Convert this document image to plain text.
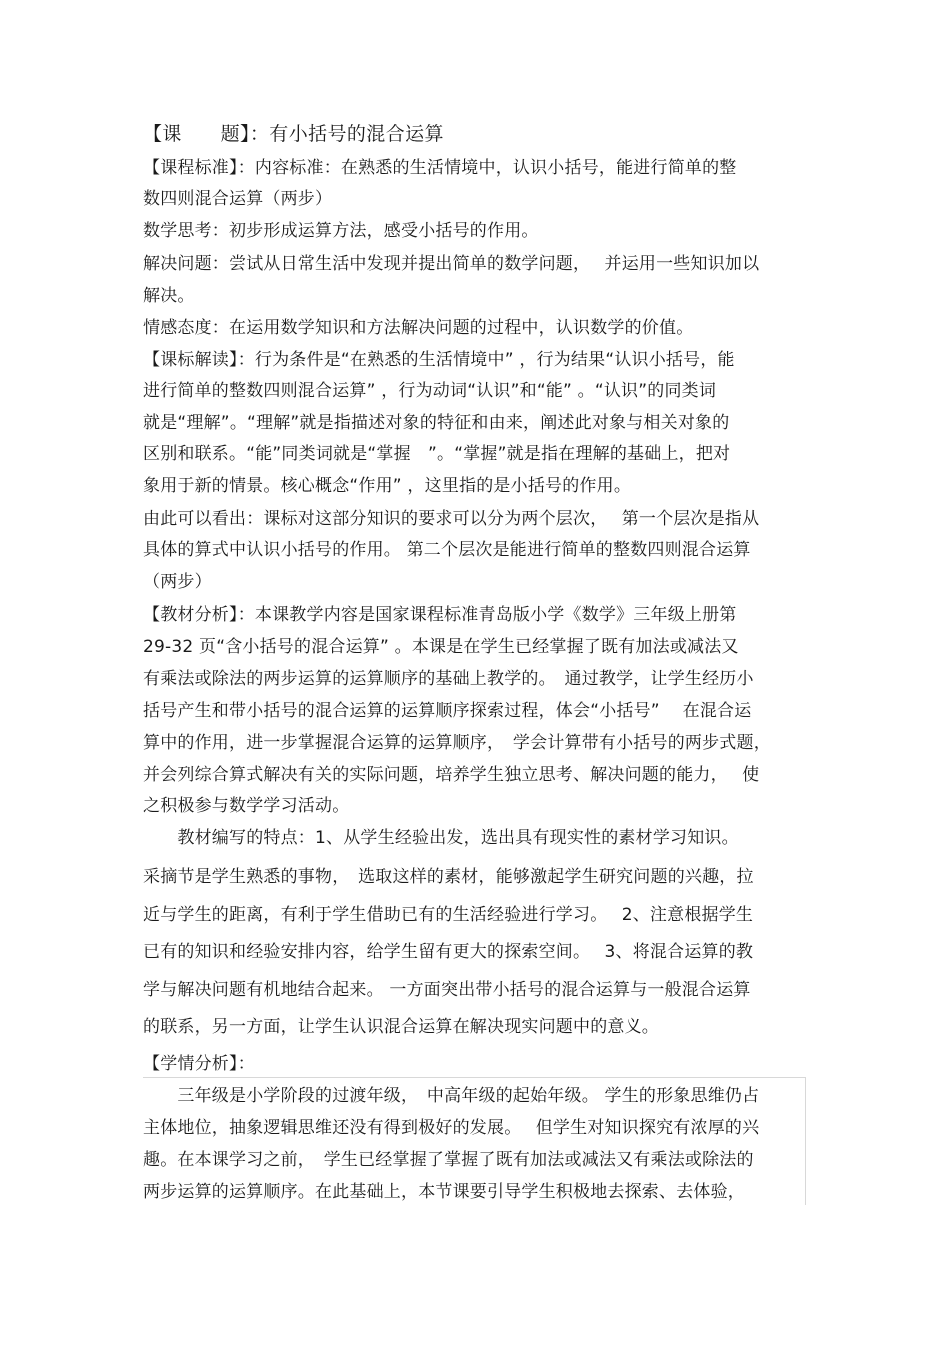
【课　　题】：有小括号的混合运算
【课程标准】：内容标准：在熟悉的生活情境中，认识小括号，能进行简单的整
数四则混合运算（两步）
数学思考：初步形成运算方法，感受小括号的作用。
解决问题：尝试从日常生活中发现并提出简单的数学问题，　 并运用一些知识加以
解决。
情感态度：在运用数学知识和方法解决问题的过程中，认识数学的价值。
【课标解读】：行为条件是“在熟悉的生活情境中” ，行为结果“认识小括号，能
进行简单的整数四则混合运算” ，行为动词“认识”和“能” 。“认识”的同类词
就是“理解”。“理解”就是指描述对象的特征和由来，阐述此对象与相关对象的
区别和联系。“能”同类词就是“掌握　”。“掌握”就是指在理解的基础上，把对
象用于新的情景。核心概念“作用” ，这里指的是小括号的作用。
由此可以看出：课标对这部分知识的要求可以分为两个层次，　 第一个层次是指从
具体的算式中认识小括号的作用。 第二个层次是能进行简单的整数四则混合运算
（两步）
【教材分析】：本课教学内容是国家课程标准青岛版小学《数学》三年级上册第
29-32 页“含小括号的混合运算” 。本课是在学生已经掌握了既有加法或减法又
有乘法或除法的两步运算的运算顺序的基础上教学的。　通过教学，让学生经历小
括号产生和带小括号的混合运算的运算顺序探索过程，体会“小括号”　 在混合运
算中的作用，进一步掌握混合运算的运算顺序，　学会计算带有小括号的两步式题，
并会列综合算式解决有关的实际问题，培养学生独立思考、解决问题的能力，　 使
之积极参与数学学习活动。
　　教材编写的特点：1、从学生经验出发，选出具有现实性的素材学习知识。
采摘节是学生熟悉的事物，　选取这样的素材，能够激起学生研究问题的兴趣，拉
近与学生的距离，有利于学生借助已有的生活经验进行学习。　 2、注意根据学生
已有的知识和经验安排内容，给学生留有更大的探索空间。　 3、将混合运算的教
学与解决问题有机地结合起来。 一方面突出带小括号的混合运算与一般混合运算
的联系，另一方面，让学生认识混合运算在解决现实问题中的意义。
【学情分析】：
　　三年级是小学阶段的过渡年级，　中高年级的起始年级。 学生的形象思维仍占
主体地位，抽象逻辑思维还没有得到极好的发展。　 但学生对知识探究有浓厚的兴
趣。在本课学习之前，　学生已经掌握了掌握了既有加法或减法又有乘法或除法的
两步运算的运算顺序。在此基础上，本节课要引导学生积极地去探索、去体验，
